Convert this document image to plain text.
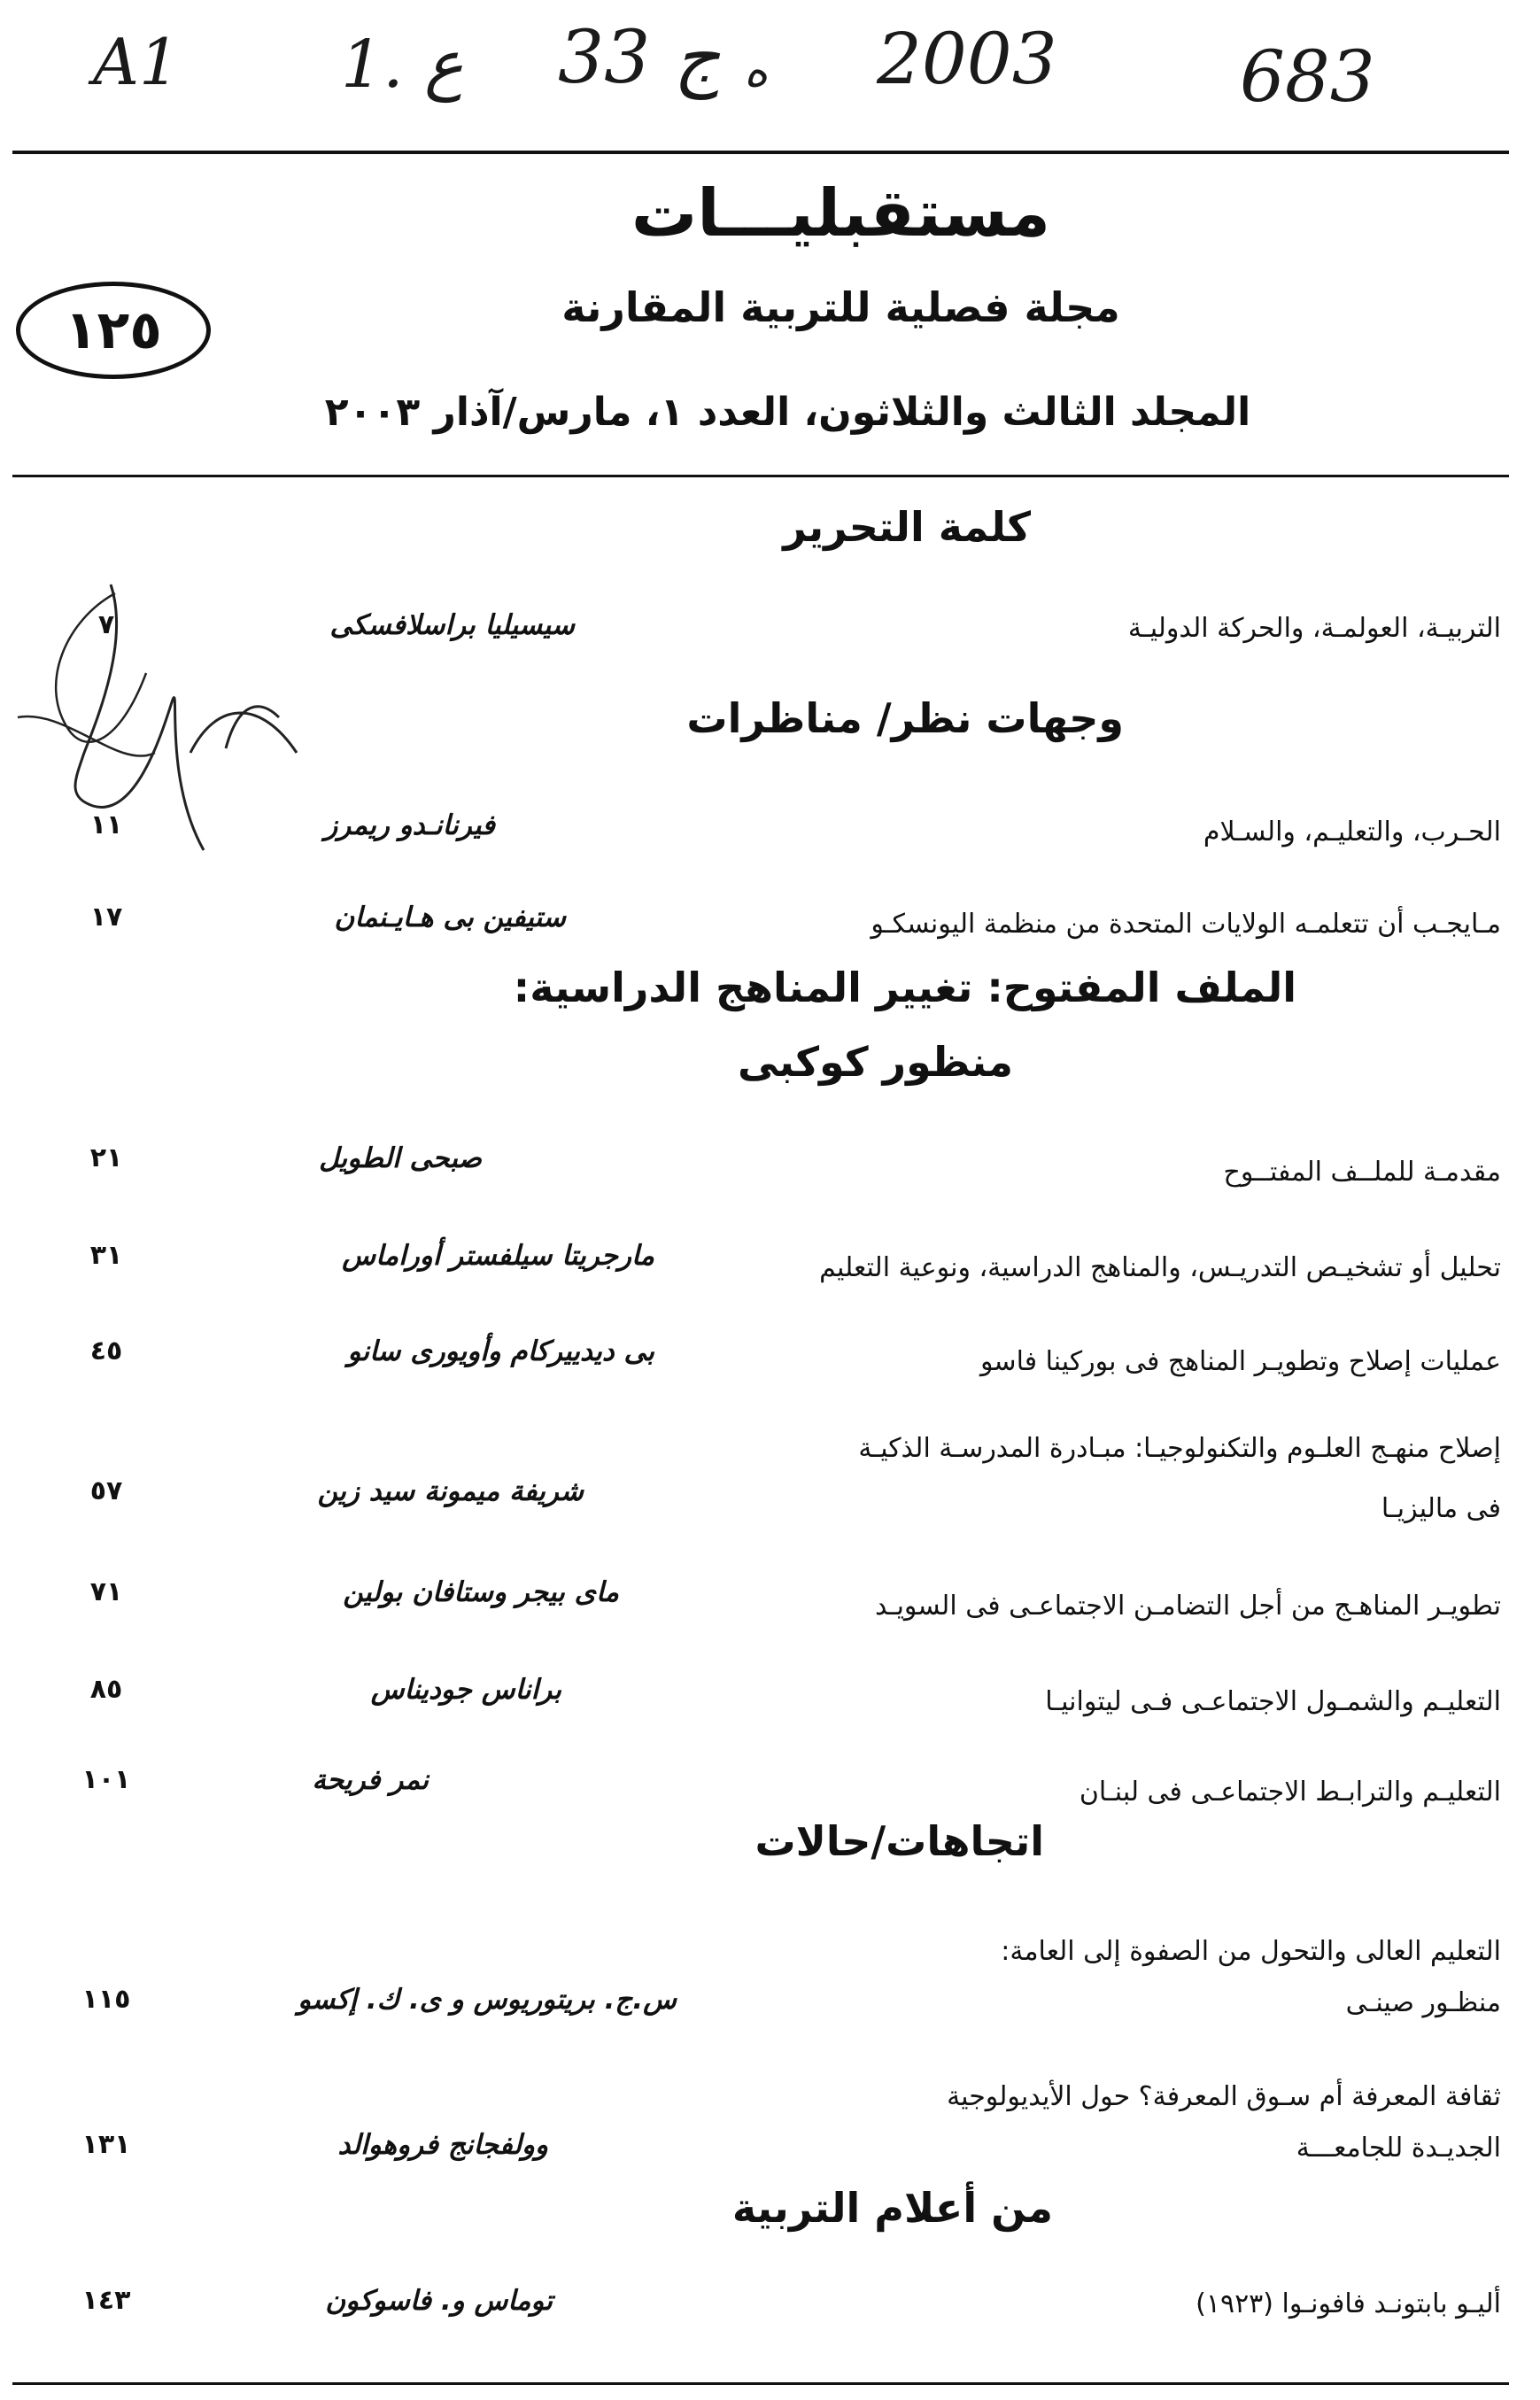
A1 1. ع 33 ج ه 2003	683
مستقبليـــات
مجلة فصلية للتربية المقارنة
١٢٥
المجلد الثالث والثلاثون، العدد ١، مارس/آذار ٢٠٠٣
كلمة التحرير
التربيـة، العولمـة، والحركة الدوليـة
سيسيليا براسلافسكى
٧
وجهات نظر/ مناظرات
الحـرب، والتعليـم، والسـلام
فيرنانـدو ريمرز
١١
مـايجـب أن تتعلمـه الولايات المتحدة من منظمة اليونسكـو
ستيفين بى هـايـنمان
١٧
الملف المفتوح: تغيير المناهج الدراسية:
منظور كوكبى
مقدمـة للملــف المفتــوح
صبحى الطويل
٢١
تحليل أو تشخيـص التدريـس، والمناهج الدراسية، ونوعية التعليم
مارجريتا سيلفستر أوراماس
٣١
عمليات إصلاح وتطويـر المناهج فى بوركينا فاسو
بى ديدييركام وأويورى سانو
٤٥
إصلاح منهـج العلـوم والتكنولوجيـا: مبـادرة المدرسـة الذكيـة
فى ماليزيـا
شريفة ميمونة سيد زين
٥٧
تطويـر المناهـج من أجل التضامـن الاجتماعـى فى السويـد
ماى بيجر وستافان بولين
٧١
التعليـم والشمـول الاجتماعـى فـى ليتوانيـا
براناس جوديناس
٨٥
التعليـم والترابـط الاجتماعـى فى لبنـان
نمر فريحة
١٠١
اتجاهات/حالات
التعليم العالى والتحول من الصفوة إلى العامة:
منظـور صينـى
س.ج. بريتوريوس و ى. ك. إكسو
١١٥
ثقافة المعرفة أم سـوق المعرفة؟ حول الأيديولوجية
الجديـدة للجامعـــة
وولفجانج فروهوالد
١٣١
من أعلام التربية
أليـو بابتونـد فافونـوا (١٩٢٣)
توماس و. فاسوكون
١٤٣
